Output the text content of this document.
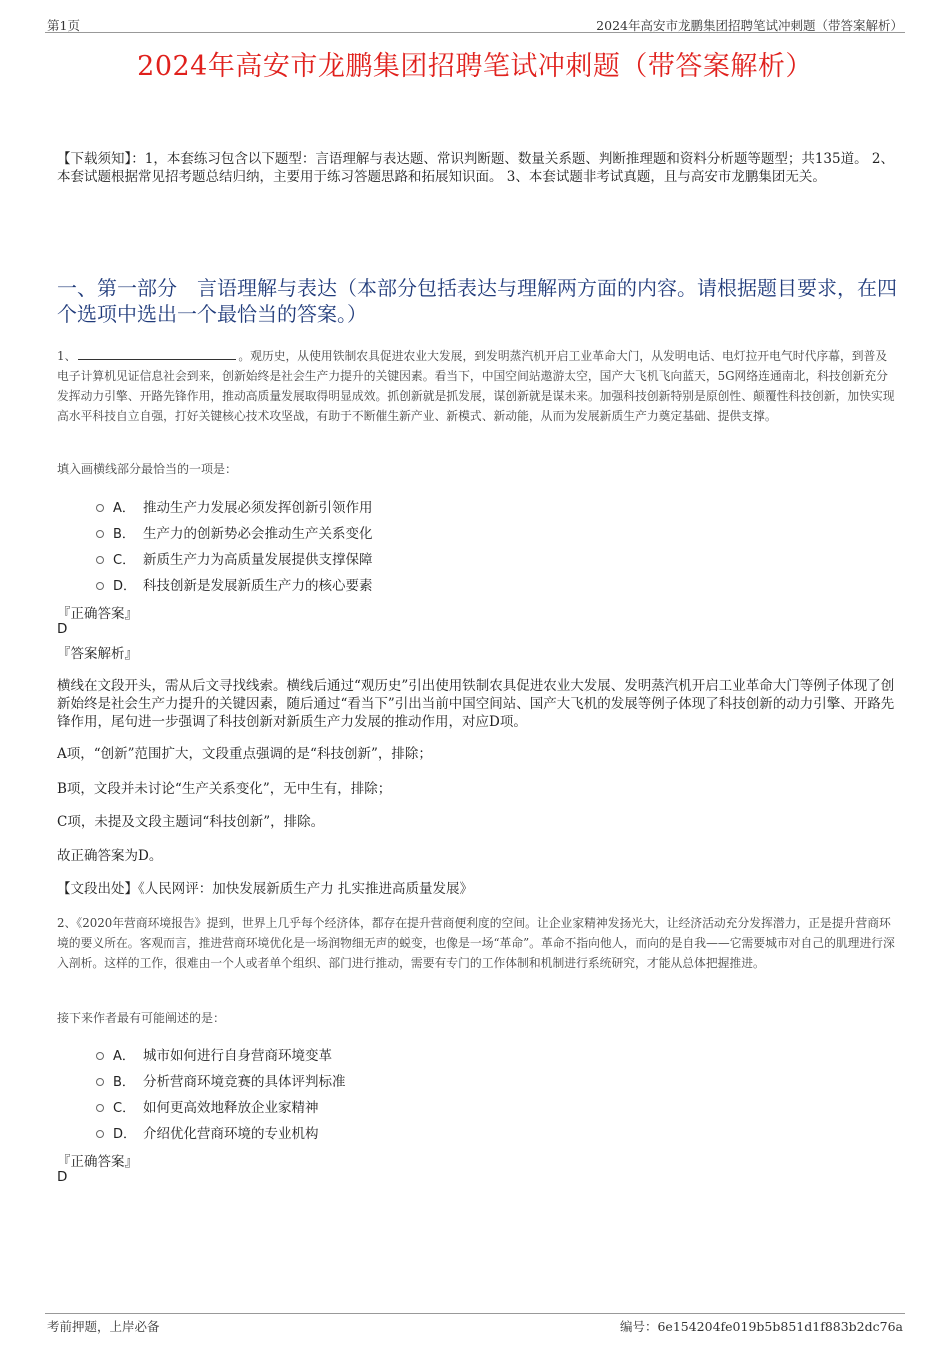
第1页	2024年高安市龙鹏集团招聘笔试冲刺题（带答案解析）
2024年高安市龙鹏集团招聘笔试冲刺题（带答案解析）

【下载须知】：1，本套练习包含以下题型：言语理解与表达题、常识判断题、数量关系题、判断推理题和资料分析题等题型；共135道。 2、本套试题根据常见招考题总结归纳，主要用于练习答题思路和拓展知识面。 3、本套试题非考试真题，且与高安市龙鹏集团无关。

一、第一部分　言语理解与表达（本部分包括表达与理解两方面的内容。请根据题目要求，在四个选项中选出一个最恰当的答案。）

1、	。观历史，从使用铁制农具促进农业大发展，到发明蒸汽机开启工业革命大门，从发明电话、电灯拉开电气时代序幕，到普及电子计算机见证信息社会到来，创新始终是社会生产力提升的关键因素。看当下，中国空间站遨游太空，国产大飞机飞向蓝天，5G网络连通南北，科技创新充分发挥动力引擎、开路先锋作用，推动高质量发展取得明显成效。抓创新就是抓发展，谋创新就是谋未来。加强科技创新特别是原创性、颠覆性科技创新，加快实现高水平科技自立自强，打好关键核心技术攻坚战，有助于不断催生新产业、新模式、新动能，从而为发展新质生产力奠定基础、提供支撑。

填入画横线部分最恰当的一项是：

A． 推动生产力发展必须发挥创新引领作用
B． 生产力的创新势必会推动生产关系变化
C． 新质生产力为高质量发展提供支撑保障
D． 科技创新是发展新质生产力的核心要素

『正确答案』

D

『答案解析』

横线在文段开头，需从后文寻找线索。横线后通过“观历史”引出使用铁制农具促进农业大发展、发明蒸汽机开启工业革命大门等例子体现了创新始终是社会生产力提升的关键因素，随后通过“看当下”引出当前中国空间站、国产大飞机的发展等例子体现了科技创新的动力引擎、开路先锋作用，尾句进一步强调了科技创新对新质生产力发展的推动作用，对应D项。

A项，“创新”范围扩大，文段重点强调的是“科技创新”，排除；

B项，文段并未讨论“生产关系变化”，无中生有，排除；

C项，未提及文段主题词“科技创新”，排除。

故正确答案为D。

【文段出处】《人民网评：加快发展新质生产力 扎实推进高质量发展》

2、《2020年营商环境报告》提到，世界上几乎每个经济体，都存在提升营商便利度的空间。让企业家精神发扬光大，让经济活动充分发挥潜力，正是提升营商环境的要义所在。客观而言，推进营商环境优化是一场润物细无声的蜕变，也像是一场“革命”。革命不指向他人，而向的是自我——它需要城市对自己的肌理进行深入剖析。这样的工作，很难由一个人或者单个组织、部门进行推动，需要有专门的工作体制和机制进行系统研究，才能从总体把握推进。

接下来作者最有可能阐述的是：

A． 城市如何进行自身营商环境变革
B． 分析营商环境竞赛的具体评判标准
C． 如何更高效地释放企业家精神
D． 介绍优化营商环境的专业机构

『正确答案』

D

考前押题，上岸必备	编号：6e154204fe019b5b851d1f883b2dc76a
